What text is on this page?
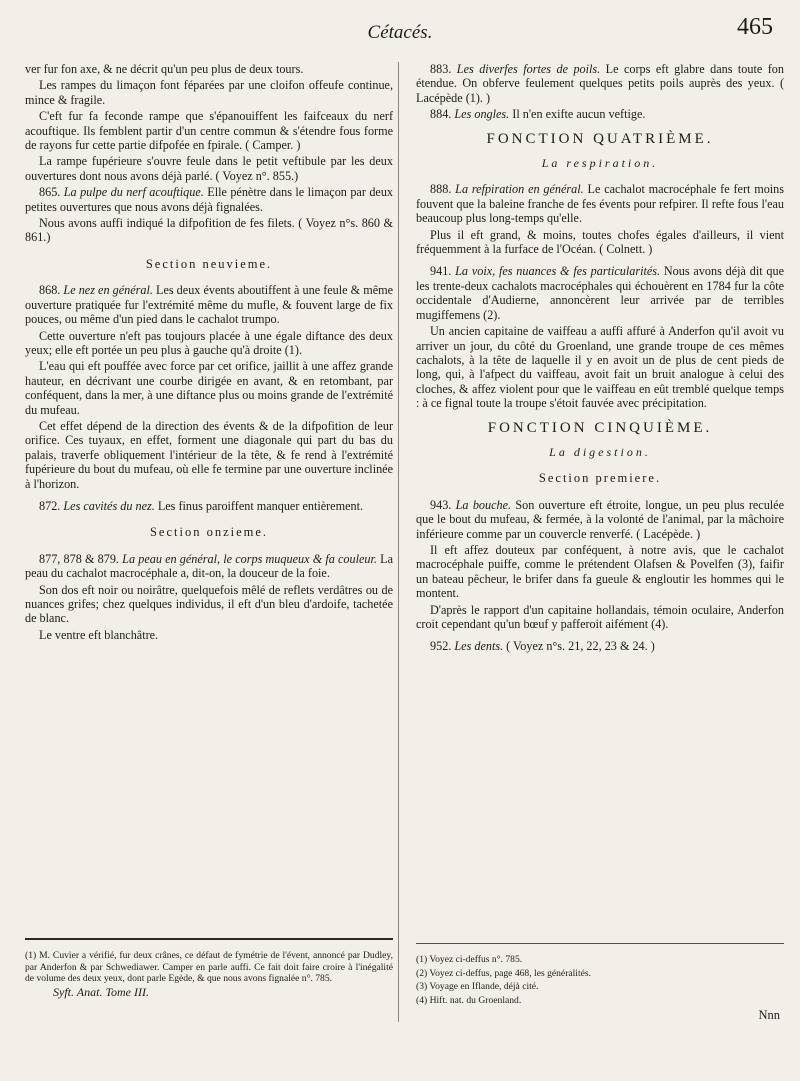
Cétacés.	465

ver fur fon axe, & ne décrit qu'un peu plus de deux tours.

Les rampes du limaçon font féparées par une cloifon offeufe continue, mince & fragile.

C'eft fur fa feconde rampe que s'épanouiffent les faifceaux du nerf acouftique. Ils femblent partir d'un centre commun & s'étendre fous forme de rayons fur cette partie difpofée en fpirale. ( Camper. )

La rampe fupérieure s'ouvre feule dans le petit veftibule par les deux ouvertures dont nous avons déjà parlé. ( Voyez n°. 855.)

865. La pulpe du nerf acouftique. Elle pénètre dans le limaçon par deux petites ouvertures que nous avons déjà fignalées.

Nous avons auffi indiqué la difpofition de fes filets. ( Voyez n°s. 860 & 861.)

Section neuvieme.

868. Le nez en général. Les deux évents aboutiffent à une feule & même ouverture pratiquée fur l'extrémité même du mufle, & fouvent large de fix pouces, ou même d'un pied dans le cachalot trumpo.

Cette ouverture n'eft pas toujours placée à une égale diftance des deux yeux; elle eft portée un peu plus à gauche qu'à droite (1).

L'eau qui eft pouffée avec force par cet orifice, jaillit à une affez grande hauteur, en décrivant une courbe dirigée en avant, & en retombant, par conféquent, dans la mer, à une diftance plus ou moins grande de l'extrémité du mufeau.

Cet effet dépend de la direction des évents & de la difpofition de leur orifice. Ces tuyaux, en effet, forment une diagonale qui part du bas du palais, traverfe obliquement l'intérieur de la tête, & fe rend à l'extrémité fupérieure du bout du mufeau, où elle fe termine par une ouverture inclinée à l'horizon.

872. Les cavités du nez. Les finus paroiffent manquer entièrement.

Section onzieme.

877, 878 & 879. La peau en général, le corps muqueux & fa couleur. La peau du cachalot macrocéphale a, dit-on, la douceur de la foie.

Son dos eft noir ou noirâtre, quelquefois mêlé de reflets verdâtres ou de nuances grifes; chez quelques individus, il eft d'un bleu d'ardoife, tachetée de blanc.

Le ventre eft blanchâtre.

883. Les diverfes fortes de poils. Le corps eft glabre dans toute fon étendue. On obferve feulement quelques petits poils auprès des yeux. ( Lacépède (1). )

884. Les ongles. Il n'en exifte aucun veftige.

FONCTION QUATRIÈME.
La respiration.

888. La refpiration en général. Le cachalot macrocéphale fe fert moins fouvent que la baleine franche de fes évents pour refpirer. Il refte fous l'eau beaucoup plus long-temps qu'elle.

Plus il eft grand, & moins, toutes chofes égales d'ailleurs, il vient fréquemment à la furface de l'Océan. ( Colnett. )

941. La voix, fes nuances & fes particularités. Nous avons déjà dit que les trente-deux cachalots macrocéphales qui échouèrent en 1784 fur la côte occidentale d'Audierne, annoncèrent leur arrivée par de terribles mugiffemens (2).

Un ancien capitaine de vaiffeau a auffi affuré à Anderfon qu'il avoit vu arriver un jour, du côté du Groenland, une grande troupe de ces mêmes cachalots, à la tête de laquelle il y en avoit un de plus de cent pieds de long, qui, à l'afpect du vaiffeau, avoit fait un bruit analogue à celui des cloches, & affez violent pour que le vaiffeau en eût tremblé quelque temps : à ce fignal toute la troupe s'étoit fauvée avec précipitation.

FONCTION CINQUIÈME.
La digestion.
Section premiere.

943. La bouche. Son ouverture eft étroite, longue, un peu plus reculée que le bout du mufeau, & fermée, à la volonté de l'animal, par la mâchoire inférieure comme par un couvercle renverfé. ( Lacépède. )

Il eft affez douteux par conféquent, à notre avis, que le cachalot macrocéphale puiffe, comme le prétendent Olafsen & Povelfen (3), faifir un bateau pêcheur, le brifer dans fa gueule & engloutir les hommes qui le montent.

D'après le rapport d'un capitaine hollandais, témoin oculaire, Anderfon croit cependant qu'un bœuf y pafferoit aifément (4).

952. Les dents. ( Voyez n°s. 21, 22, 23 & 24. )

(1) M. Cuvier a vérifié, fur deux crânes, ce défaut de fymétrie de l'évent, annoncé par Dudley, par Anderfon & par Schwediawer. Camper en parle auffi. Ce fait doit faire croire à l'inégalité de volume des deux yeux, dont parle Egède, & que nous avons fignalée n°. 785.
Syft. Anat. Tome III.
(1) Voyez ci-deffus n°. 785.
(2) Voyez ci-deffus, page 468, les généralités.
(3) Voyage en Iflande, déjà cité.
(4) Hift. nat. du Groenland.
Nnn
